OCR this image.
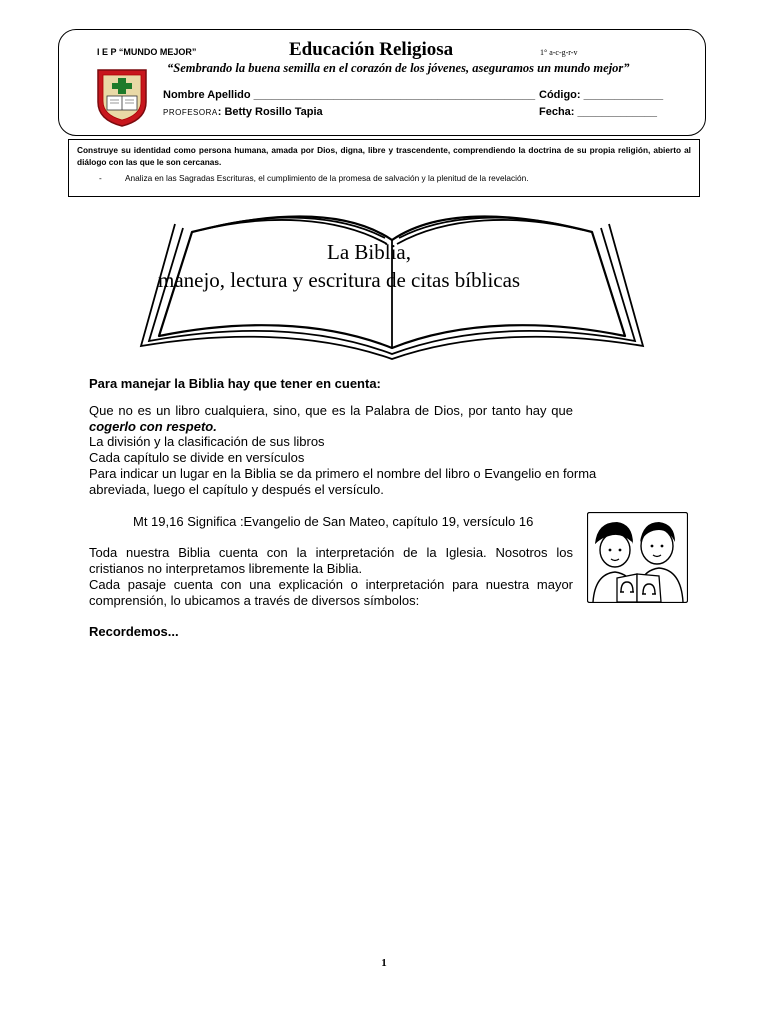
I E P “MUNDO MEJOR”	Educación Religiosa	1° a-c-g-r-v
“Sembrando la buena semilla en el corazón de los jóvenes, aseguramos un mundo mejor”
Nombre Apellido ______________________________________________ Código: _____________
PROFESORA: Betty Rosillo Tapia	Fecha: _____________
Construye su identidad como persona humana, amada por Dios, digna, libre y trascendente, comprendiendo la doctrina de su propia religión, abierto al diálogo con las que le son cercanas.
-	Analiza en las Sagradas Escrituras, el cumplimiento de la promesa de salvación y la plenitud de la revelación.
La Biblia,
manejo, lectura y escritura de citas bíblicas
Para manejar la Biblia hay que tener en cuenta:
Que no es un libro cualquiera, sino, que es la Palabra de Dios, por tanto hay que cogerlo con respeto.
La división y la clasificación de sus libros
Cada capítulo se divide en versículos
Para indicar un lugar en la Biblia se da primero el nombre del libro o Evangelio en forma abreviada, luego el capítulo y después el versículo.
Mt 19,16 Significa :Evangelio de San Mateo, capítulo 19, versículo 16
Toda nuestra Biblia cuenta con la interpretación de la Iglesia. Nosotros los cristianos no interpretamos libremente la Biblia.
Cada pasaje cuenta con una explicación o interpretación para nuestra mayor comprensión, lo ubicamos a través de diversos símbolos:
Recordemos...
1
